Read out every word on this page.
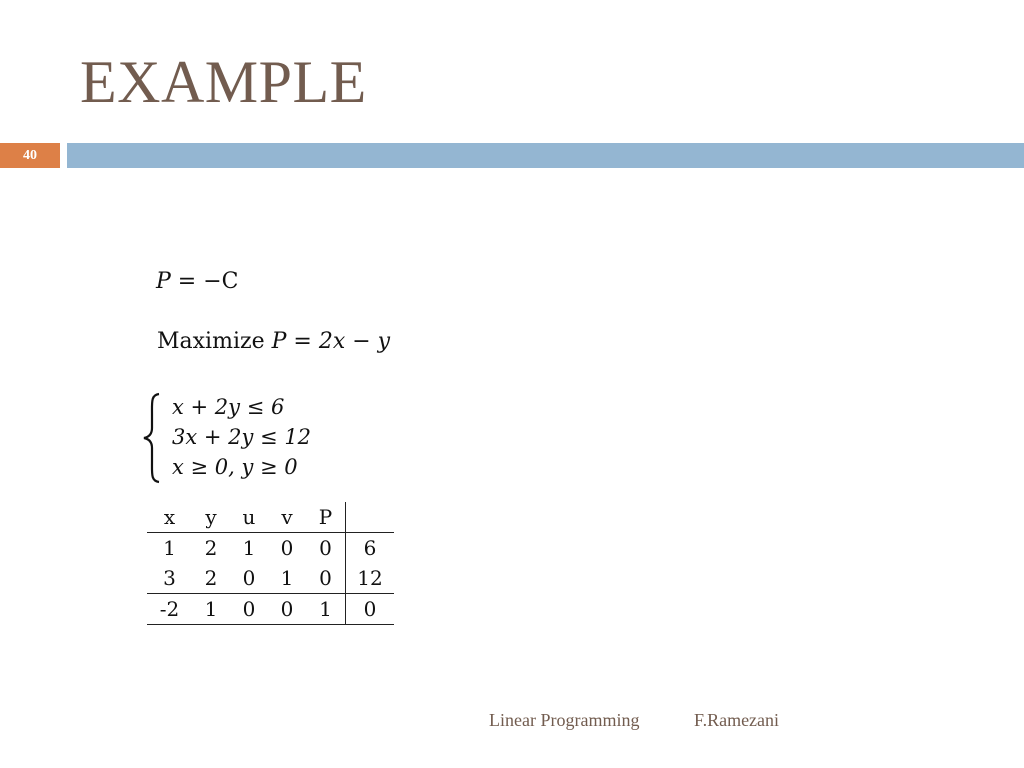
EXAMPLE
40
P = −C
Maximize P = 2x − y
x + 2y ≤ 6
3x + 2y ≤ 12
x ≥ 0, y ≥ 0
x	y	u	v	P	
1	2	1	0	0	6
3	2	0	1	0	12
-2	1	0	0	1	0
Linear Programming	F.Ramezani
